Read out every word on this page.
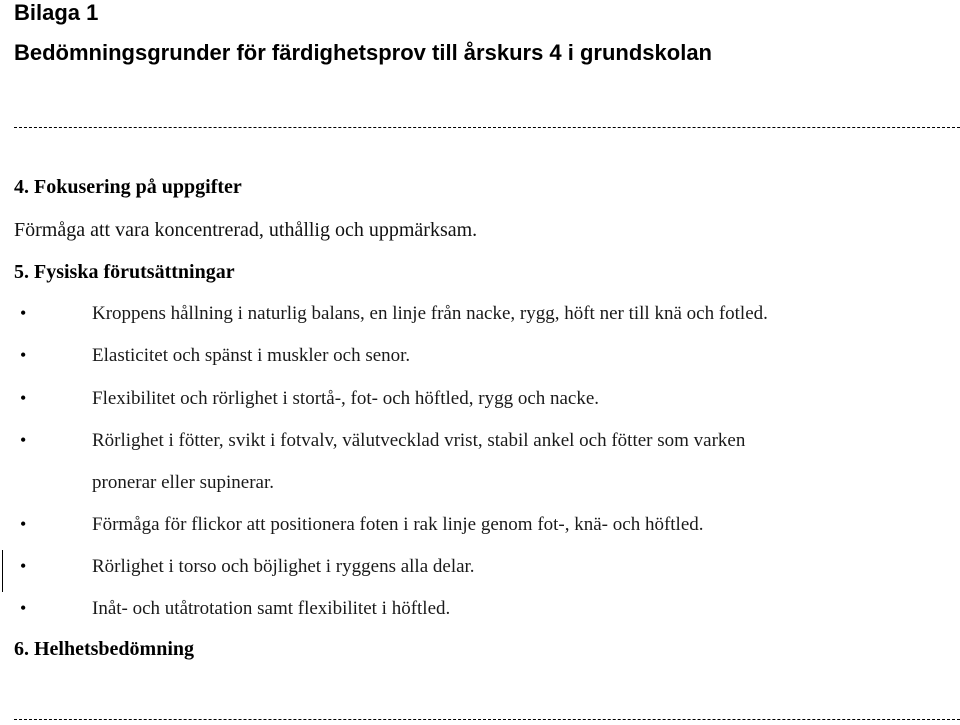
Bilaga 1
Bedömningsgrunder för färdighetsprov till årskurs 4 i grundskolan
4. Fokusering på uppgifter
Förmåga att vara koncentrerad, uthållig och uppmärksam.
5. Fysiska förutsättningar
•	Kroppens hållning i naturlig balans, en linje från nacke, rygg, höft ner till knä och fotled.
•	Elasticitet och spänst i muskler och senor.
•	Flexibilitet och rörlighet i stortå-, fot- och höftled, rygg och nacke.
•	Rörlighet i fötter, svikt i fotvalv, välutvecklad vrist, stabil ankel och fötter som varken
pronerar eller supinerar.
•	Förmåga för flickor att positionera foten i rak linje genom fot-, knä- och höftled.
•	Rörlighet i torso och böjlighet i ryggens alla delar.
•	Inåt- och utåtrotation samt flexibilitet i höftled.
6. Helhetsbedömning
